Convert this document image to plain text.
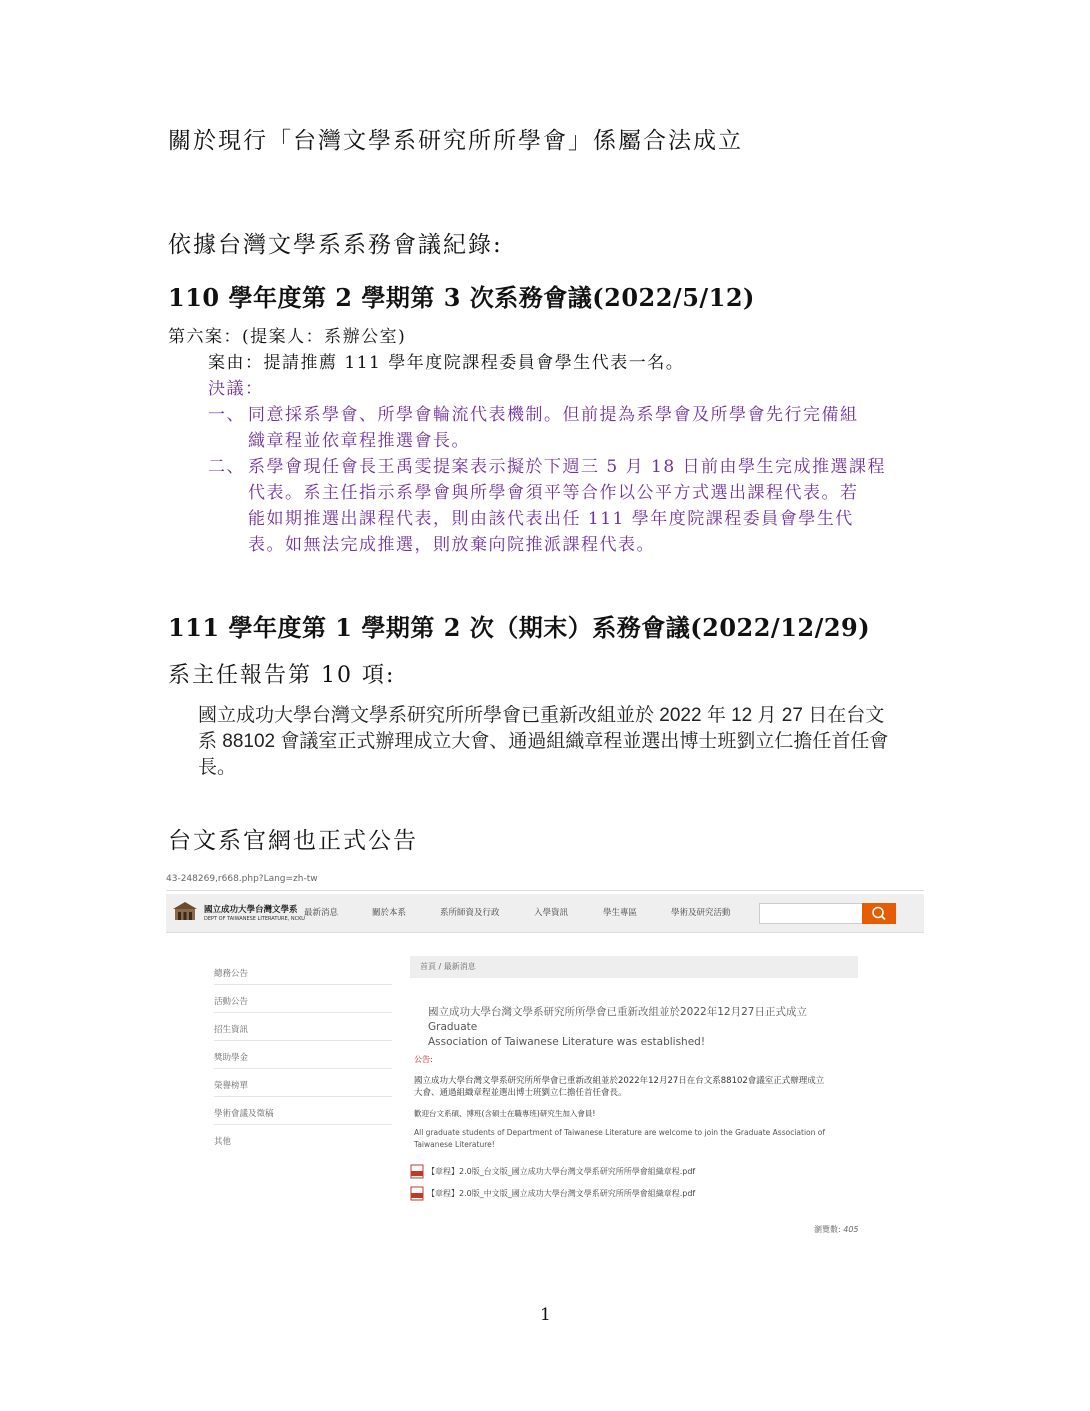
關於現行「台灣文學系研究所所學會」係屬合法成立
依據台灣文學系系務會議紀錄:
110 學年度第 2 學期第 3 次系務會議(2022/5/12)
第六案：(提案人：系辦公室)
案由：提請推薦 111 學年度院課程委員會學生代表一名。
決議：
一、 同意採系學會、所學會輪流代表機制。但前提為系學會及所學會先行完備組
織章程並依章程推選會長。
二、 系學會現任會長王禹雯提案表示擬於下週三 5 月 18 日前由學生完成推選課程
代表。系主任指示系學會與所學會須平等合作以公平方式選出課程代表。若
能如期推選出課程代表，則由該代表出任 111 學年度院課程委員會學生代
表。如無法完成推選，則放棄向院推派課程代表。
111 學年度第 1 學期第 2 次（期末）系務會議(2022/12/29)
系主任報告第 10 項:
國立成功大學台灣文學系研究所所學會已重新改組並於 2022 年 12 月 27 日在台文
系 88102 會議室正式辦理成立大會、通過組織章程並選出博士班劉立仁擔任首任會
長。
台文系官網也正式公告
43-248269,r668.php?Lang=zh-tw
國立成功大學台灣文學系
DEPT OF TAIWANESE LITERATURE, NCKU
最新消息	關於本系	系所師資及行政	入學資訊	學生專區	學術及研究活動
總務公告
活動公告
招生資訊
獎助學金
榮譽榜單
學術會議及徵稿
其他
首頁 / 最新消息
國立成功大學台灣文學系研究所所學會已重新改組並於2022年12月27日正式成立Graduate
Association of Taiwanese Literature was established!
公告:
國立成功大學台灣文學系研究所所學會已重新改組並於2022年12月27日在台文系88102會議室正式辦理成立
大會、通過組織章程並選出博士班劉立仁擔任首任會長。
歡迎台文系碩、博班(含碩士在職專班)研究生加入會員!
All graduate students of Department of Taiwanese Literature are welcome to join the Graduate Association of
Taiwanese Literature!
【章程】2.0版_台文版_國立成功大學台灣文學系研究所所學會組織章程.pdf
【章程】2.0版_中文版_國立成功大學台灣文學系研究所所學會組織章程.pdf
瀏覽數: 405
1
